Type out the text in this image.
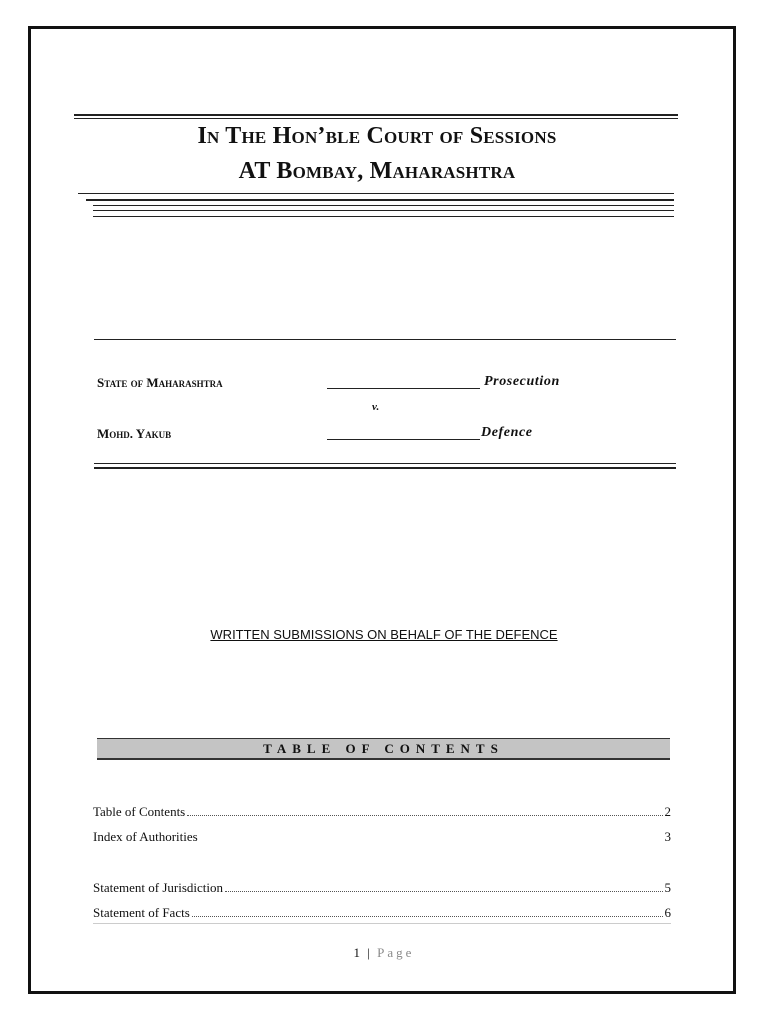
In The Hon’ble Court of Sessions
AT Bombay, Maharashtra
State of Maharashtra	Prosecution
v.
Mohd. Yakub	Defence
WRITTEN SUBMISSIONS ON BEHALF OF THE DEFENCE
TABLE OF CONTENTS
Table of Contents	2
Index of Authorities	3
Statement of Jurisdiction	5
Statement of Facts	6
1 | Page
